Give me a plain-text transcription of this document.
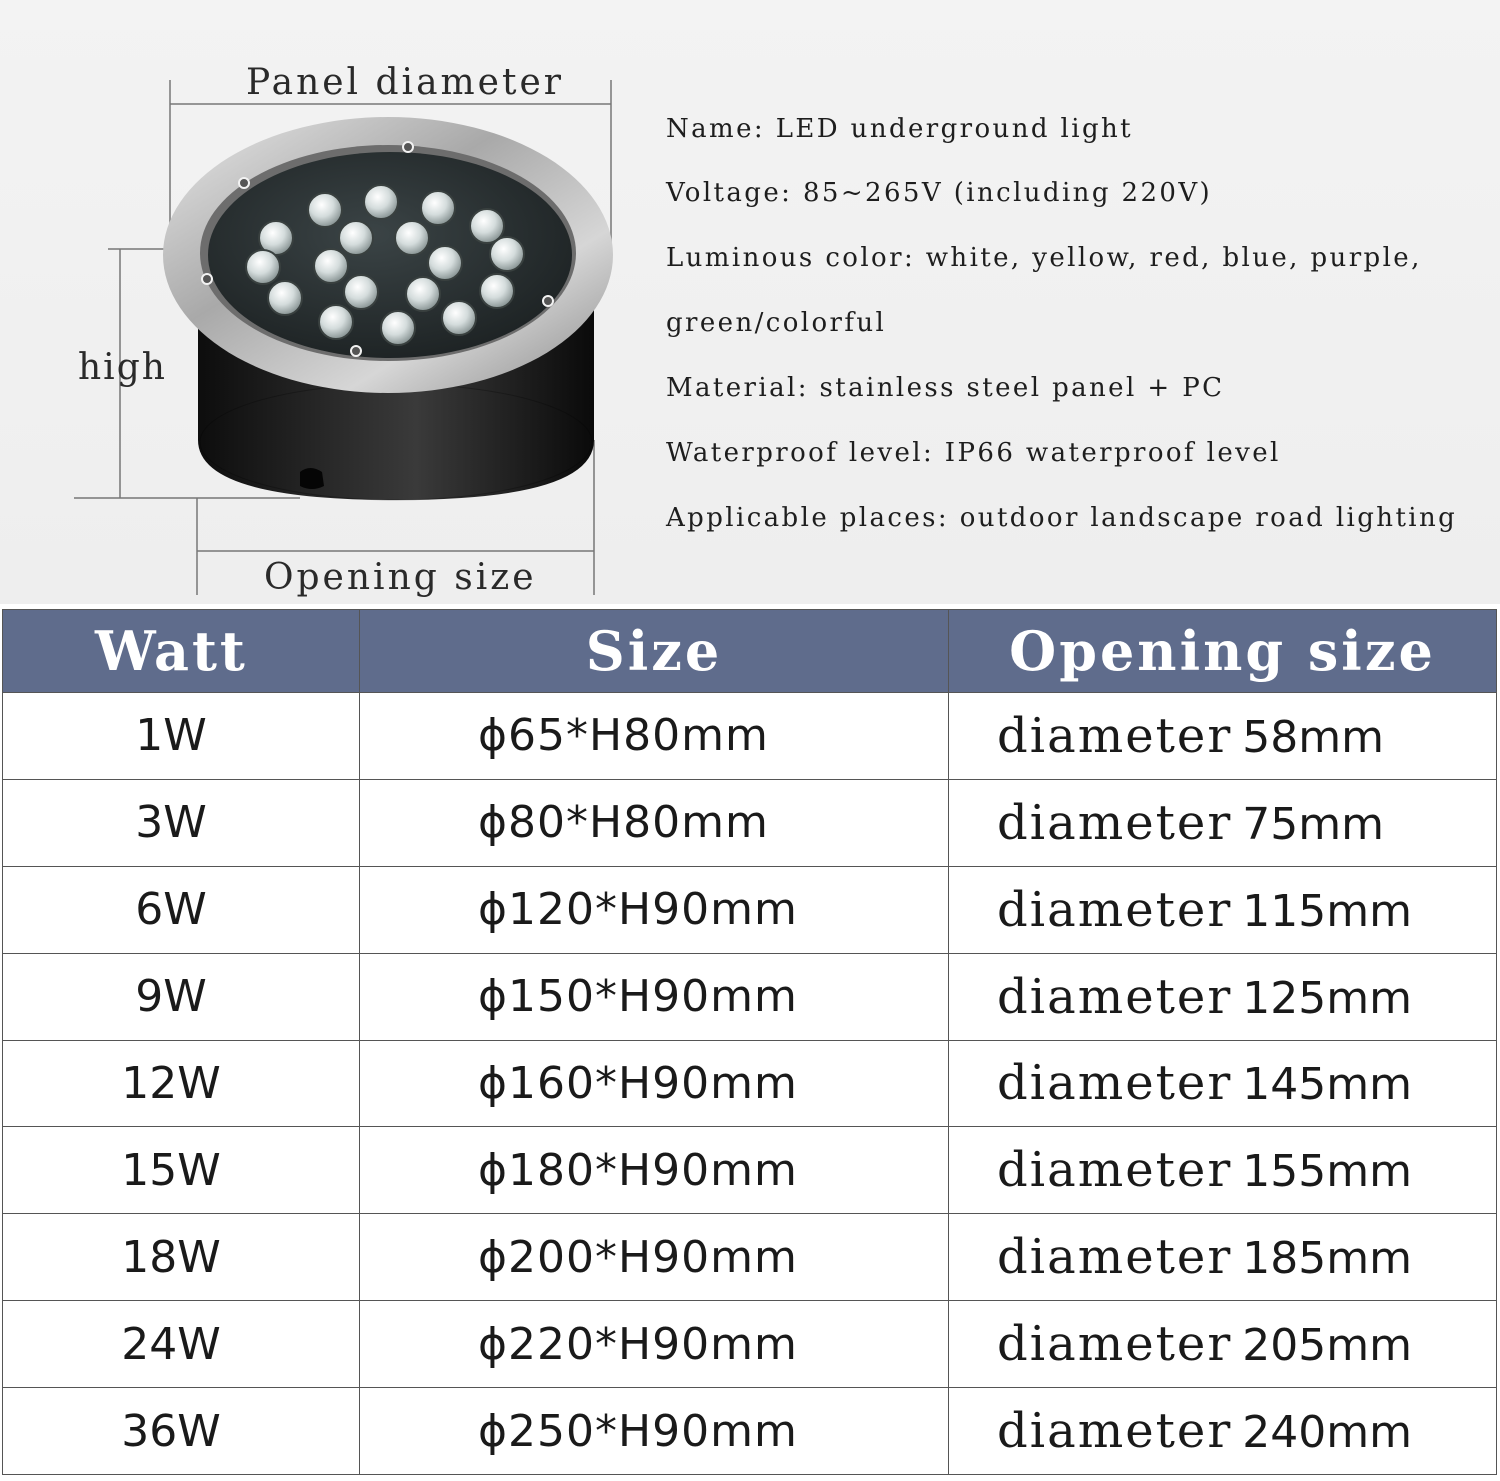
Panel diameter
high
Opening size
Name: LED underground light
Voltage: 85~265V (including 220V)
Luminous color: white, yellow, red, blue, purple,
green/colorful
Material: stainless steel panel + PC
Waterproof level: IP66 waterproof level
Applicable places: outdoor landscape road lighting
Watt	Size	Opening size
1W	ϕ65*H80mm	diameter 58mm
3W	ϕ80*H80mm	diameter 75mm
6W	ϕ120*H90mm	diameter 115mm
9W	ϕ150*H90mm	diameter 125mm
12W	ϕ160*H90mm	diameter 145mm
15W	ϕ180*H90mm	diameter 155mm
18W	ϕ200*H90mm	diameter 185mm
24W	ϕ220*H90mm	diameter 205mm
36W	ϕ250*H90mm	diameter 240mm
